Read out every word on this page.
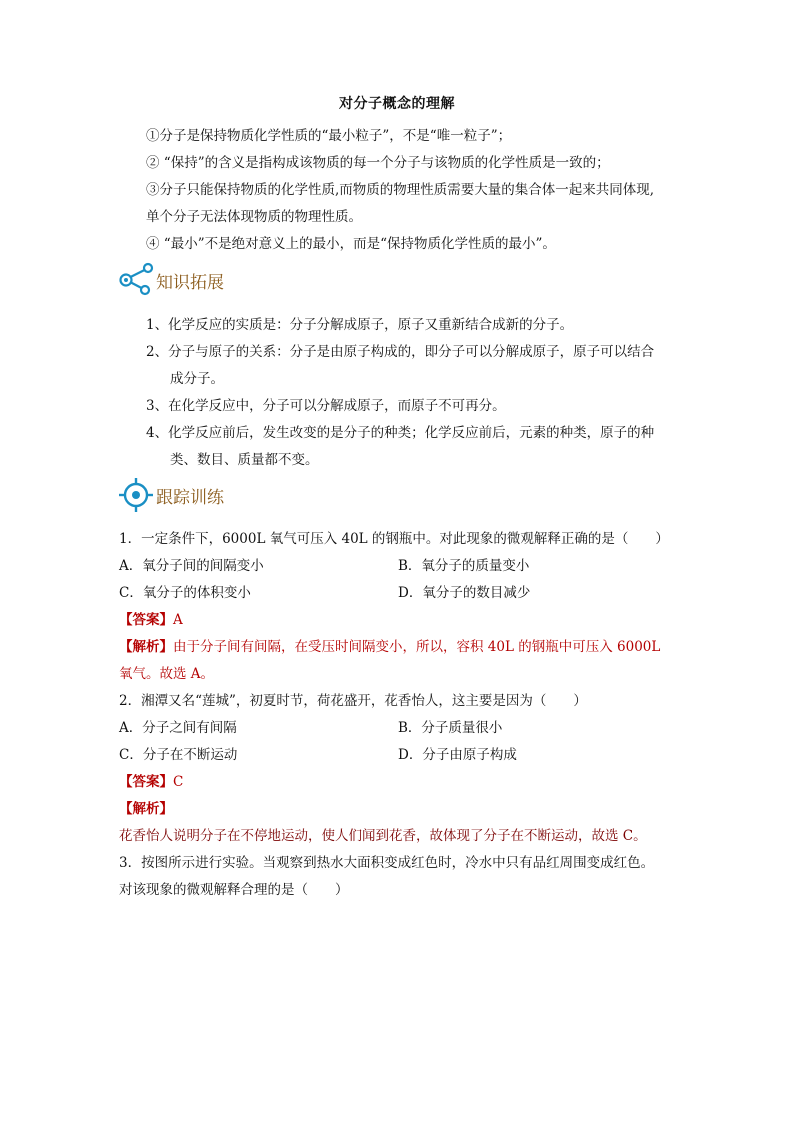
对分子概念的理解
①分子是保持物质化学性质的“最小粒子”，不是“唯一粒子”；
② “保持”的含义是指构成该物质的每一个分子与该物质的化学性质是一致的；
③分子只能保持物质的化学性质,而物质的物理性质需要大量的集合体一起来共同体现,
单个分子无法体现物质的物理性质。
④ “最小”不是绝对意义上的最小，而是“保持物质化学性质的最小”。
知识拓展
1、化学反应的实质是：分子分解成原子，原子又重新结合成新的分子。
2、分子与原子的关系：分子是由原子构成的，即分子可以分解成原子，原子可以结合
成分子。
3、在化学反应中，分子可以分解成原子，而原子不可再分。
4、化学反应前后，发生改变的是分子的种类；化学反应前后，元素的种类，原子的种
类、数目、质量都不变。
跟踪训练
1．一定条件下，6000L 氧气可压入 40L 的钢瓶中。对此现象的微观解释正确的是（　　）
A．氧分子间的间隔变小	B．氧分子的质量变小
C．氧分子的体积变小	D．氧分子的数目减少
【答案】A
【解析】由于分子间有间隔，在受压时间隔变小，所以，容积 40L 的钢瓶中可压入 6000L
氧气。故选 A。
2．湘潭又名“莲城”，初夏时节，荷花盛开，花香怡人，这主要是因为（　　）
A．分子之间有间隔	B．分子质量很小
C．分子在不断运动	D．分子由原子构成
【答案】C
【解析】
花香怡人说明分子在不停地运动，使人们闻到花香，故体现了分子在不断运动，故选 C。
3．按图所示进行实验。当观察到热水大面积变成红色时，冷水中只有品红周围变成红色。
对该现象的微观解释合理的是（　　）
